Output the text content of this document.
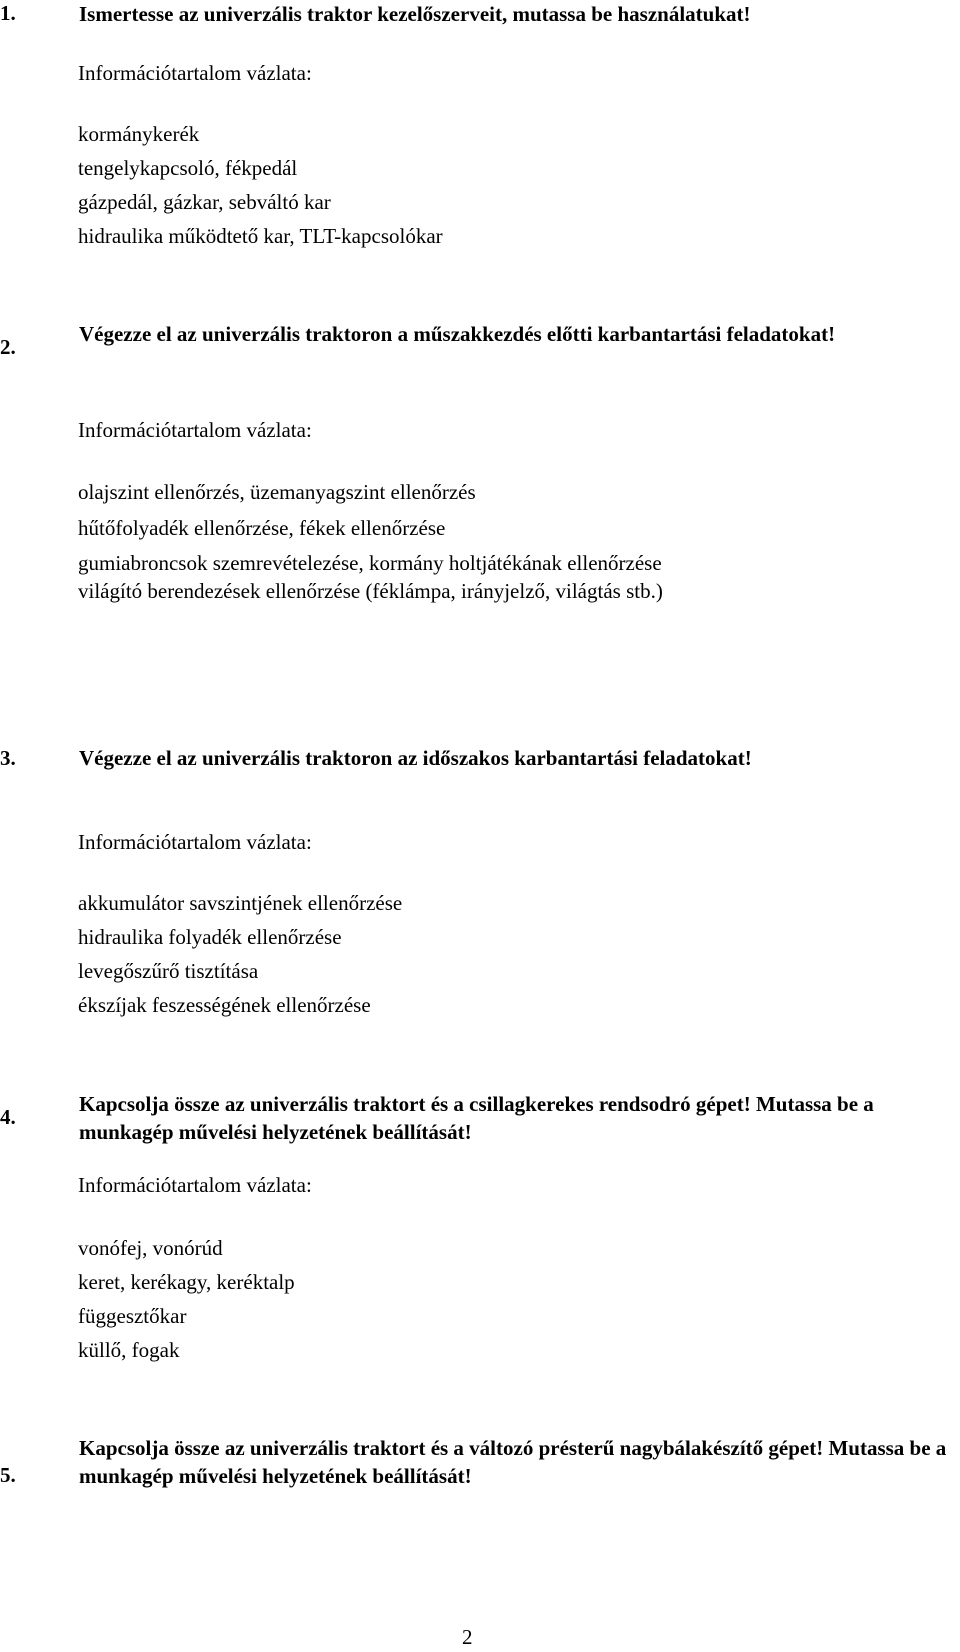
1.	Ismertesse az univerzális traktor kezelőszerveit, mutassa be használatukat!

Információtartalom vázlata:
kormánykerék
tengelykapcsoló, fékpedál
gázpedál, gázkar, sebváltó kar
hidraulika működtető kar, TLT-kapcsolókar
2.

Végezze el az univerzális traktoron a műszakkezdés előtti karbantartási feladatokat!

Információtartalom vázlata:
olajszint ellenőrzés, üzemanyagszint ellenőrzés
hűtőfolyadék ellenőrzése, fékek ellenőrzése
gumiabroncsok szemrevételezése, kormány holtjátékának ellenőrzése
világító berendezések ellenőrzése (féklámpa, irányjelző, világtás stb.)
3.	Végezze el az univerzális traktoron az időszakos karbantartási feladatokat!

Információtartalom vázlata:
akkumulátor savszintjének ellenőrzése
hidraulika folyadék ellenőrzése
levegőszűrő tisztítása
ékszíjak feszességének ellenőrzése
4.

Kapcsolja össze az univerzális traktort és a csillagkerekes rendsodró gépet! Mutassa be a munkagép művelési helyzetének beállítását!

Információtartalom vázlata:
vonófej, vonórúd
keret, kerékagy, keréktalp
függesztőkar
küllő, fogak
5.

Kapcsolja össze az univerzális traktort és a változó présterű nagybálakészítő gépet! Mutassa be a munkagép művelési helyzetének beállítását!

2
